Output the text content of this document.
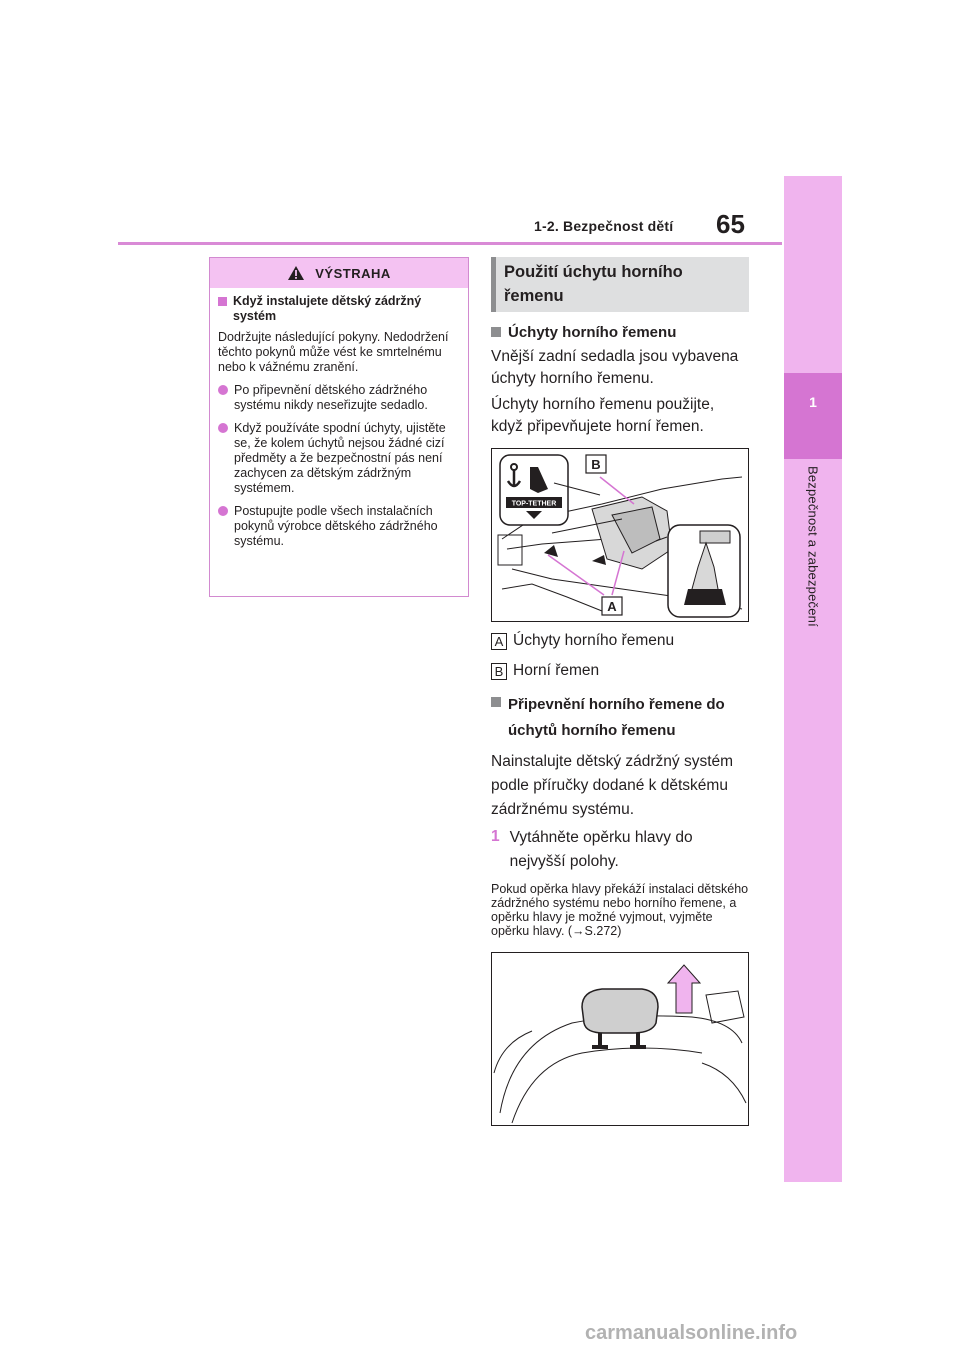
1-2. Bezpečnost dětí 65
1
Bezpečnost a zabezpečení
VÝSTRAHA
Když instalujete dětský zádržný systém
Dodržujte následující pokyny. Nedodržení těchto pokynů může vést ke smrtelnému nebo k vážnému zranění.
Po připevnění dětského zádržného systému nikdy neseřizujte sedadlo.
Když používáte spodní úchyty, ujistěte se, že kolem úchytů nejsou žádné cizí předměty a že bezpečnostní pás není zachycen za dětským zádržným systémem.
Postupujte podle všech instalačních pokynů výrobce dětského zádržného systému.
Použití úchytu horního řemenu
Úchyty horního řemenu
Vnější zadní sedadla jsou vybavena úchyty horního řemenu.
Úchyty horního řemenu použijte, když připevňujete horní řemen.
TOP-TETHER
B
A
A Úchyty horního řemenu
B Horní řemen
Připevnění horního řemene do úchytů horního řemenu
Nainstalujte dětský zádržný systém podle příručky dodané k dětskému zádržnému systému.
1 Vytáhněte opěrku hlavy do nejvyšší polohy.
Pokud opěrka hlavy překáží instalaci dětského zádržného systému nebo horního řemene, a opěrku hlavy je možné vyjmout, vyjměte opěrku hlavy. (→S.272)
carmanualsonline.info
